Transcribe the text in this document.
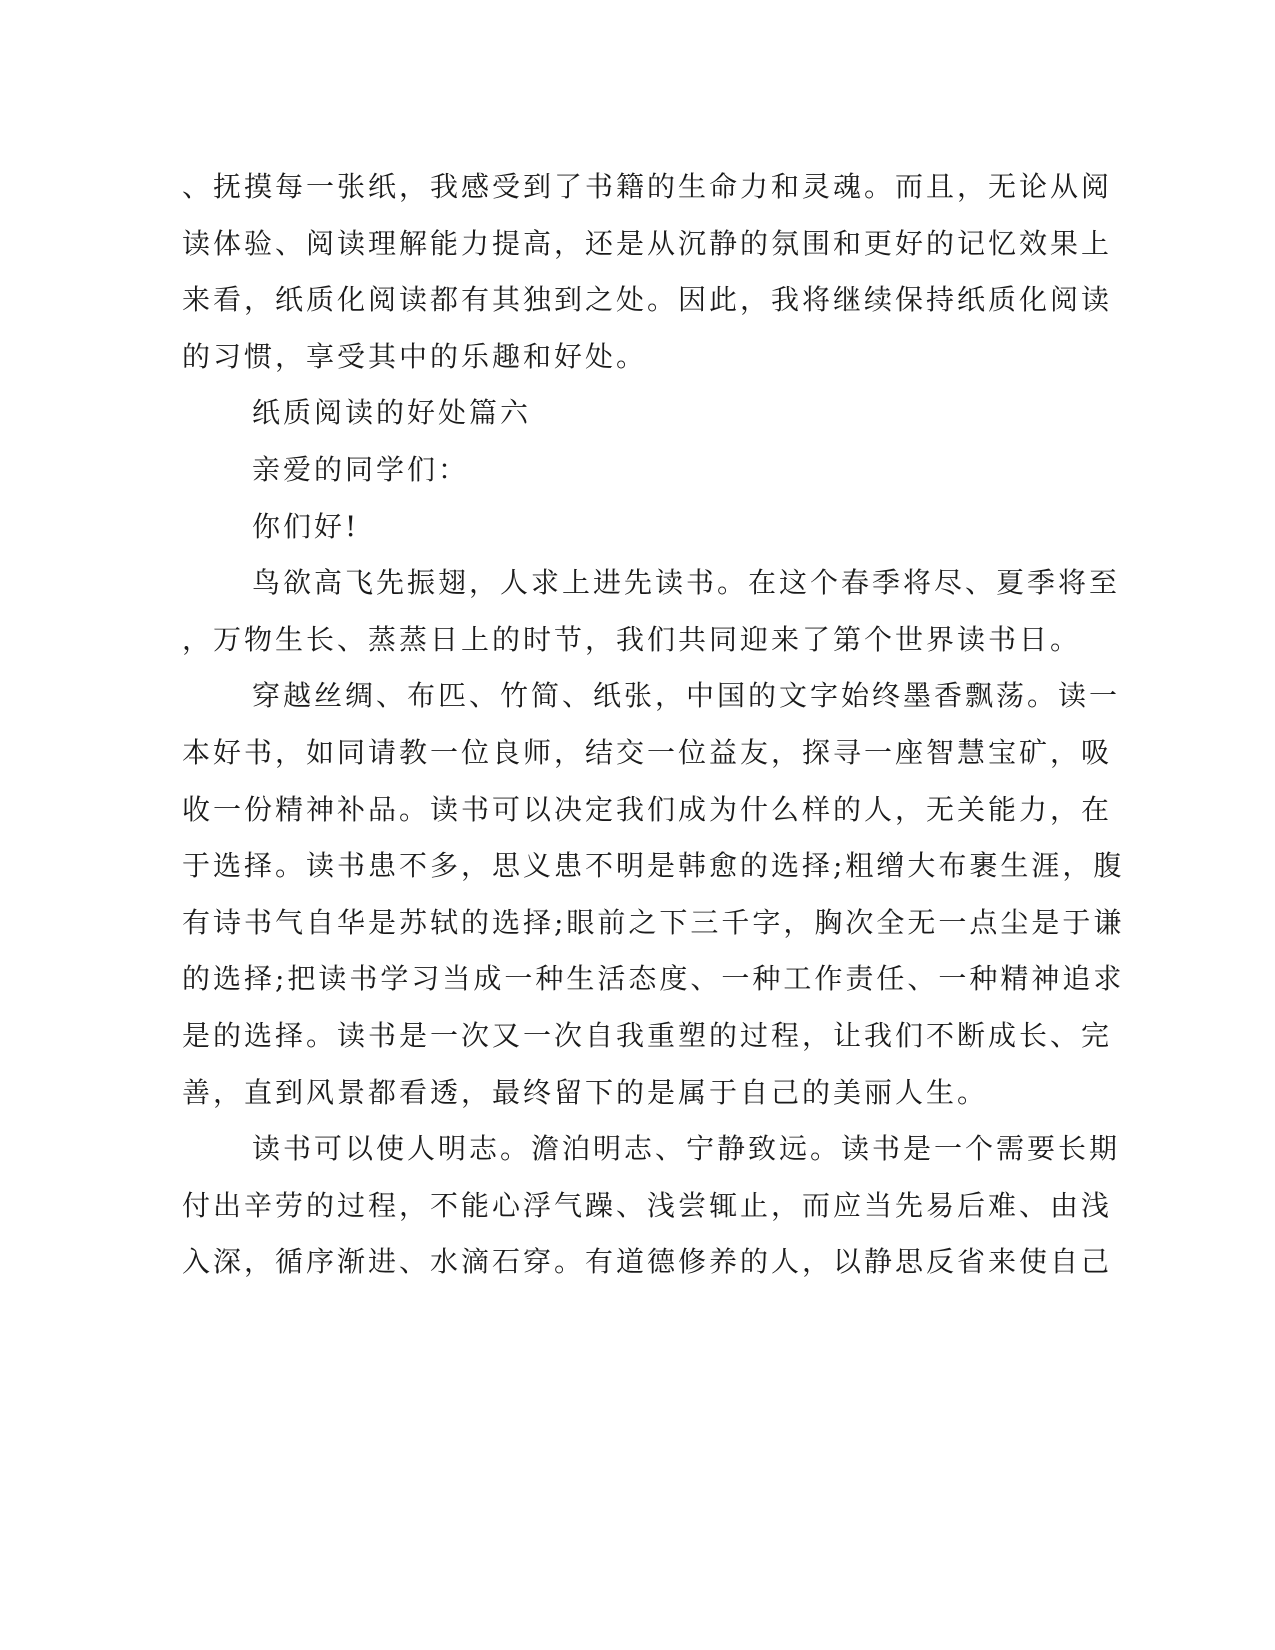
、抚摸每一张纸，我感受到了书籍的生命力和灵魂。而且，无论从阅
读体验、阅读理解能力提高，还是从沉静的氛围和更好的记忆效果上
来看，纸质化阅读都有其独到之处。因此，我将继续保持纸质化阅读
的习惯，享受其中的乐趣和好处。
纸质阅读的好处篇六
亲爱的同学们：
你们好!
鸟欲高飞先振翅，人求上进先读书。在这个春季将尽、夏季将至
，万物生长、蒸蒸日上的时节，我们共同迎来了第个世界读书日。
穿越丝绸、布匹、竹简、纸张，中国的文字始终墨香飘荡。读一
本好书，如同请教一位良师，结交一位益友，探寻一座智慧宝矿，吸
收一份精神补品。读书可以决定我们成为什么样的人，无关能力，在
于选择。读书患不多，思义患不明是韩愈的选择;粗缯大布裹生涯，腹
有诗书气自华是苏轼的选择;眼前之下三千字，胸次全无一点尘是于谦
的选择;把读书学习当成一种生活态度、一种工作责任、一种精神追求
是的选择。读书是一次又一次自我重塑的过程，让我们不断成长、完
善，直到风景都看透，最终留下的是属于自己的美丽人生。
读书可以使人明志。澹泊明志、宁静致远。读书是一个需要长期
付出辛劳的过程，不能心浮气躁、浅尝辄止，而应当先易后难、由浅
入深，循序渐进、水滴石穿。有道德修养的人，以静思反省来使自己
